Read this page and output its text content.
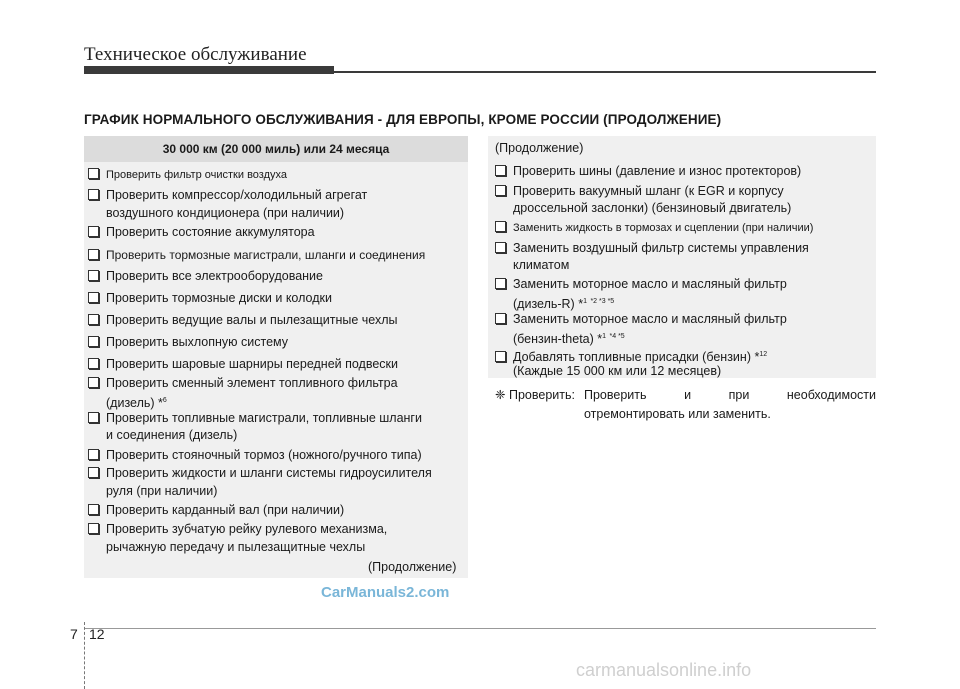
Техническое обслуживание
ГРАФИК НОРМАЛЬНОГО ОБСЛУЖИВАНИЯ - ДЛЯ ЕВРОПЫ, КРОМЕ РОССИИ (ПРОДОЛЖЕНИЕ)
30 000 км (20 000 миль) или 24 месяца
Проверить фильтр очистки воздуха
Проверить компрессор/холодильный агрегат
воздушного кондиционера (при наличии)
Проверить состояние аккумулятора
Проверить тормозные магистрали, шланги и соединения
Проверить все электрооборудование
Проверить тормозные диски и колодки
Проверить ведущие валы и пылезащитные чехлы
Проверить выхлопную систему
Проверить шаровые шарниры передней подвески
Проверить сменный элемент топливного фильтра
(дизель) *$^6$
Проверить топливные магистрали, топливные шланги
и соединения (дизель)
Проверить стояночный тормоз (ножного/ручного типа)
Проверить жидкости и шланги системы гидроусилителя
руля (при наличии)
Проверить карданный вал (при наличии)
Проверить зубчатую рейку рулевого механизма,
рычажную передачу и пылезащитные чехлы
(Продолжение)
(Продолжение)
Проверить шины (давление и износ протекторов)
Проверить вакуумный шланг (к EGR и корпусу
дроссельной заслонки) (бензиновый двигатель)
Заменить жидкость в тормозах и сцеплении (при наличии)
Заменить воздушный фильтр системы управления
климатом
Заменить моторное масло и масляный фильтр
(дизель-R) *$^1$ $^{*2 *3 *5}$
Заменить моторное масло и масляный фильтр
(бензин-theta) *$^1$ $^{*4 *5}$
Добавлять топливные присадки (бензин) *$^{12}$
(Каждые 15 000 км или 12 месяцев)
❈ Проверить: Проверить и при необходимости
отремонтировать или заменить.
CarManuals2.com
7 12
carmanualsonline.info
